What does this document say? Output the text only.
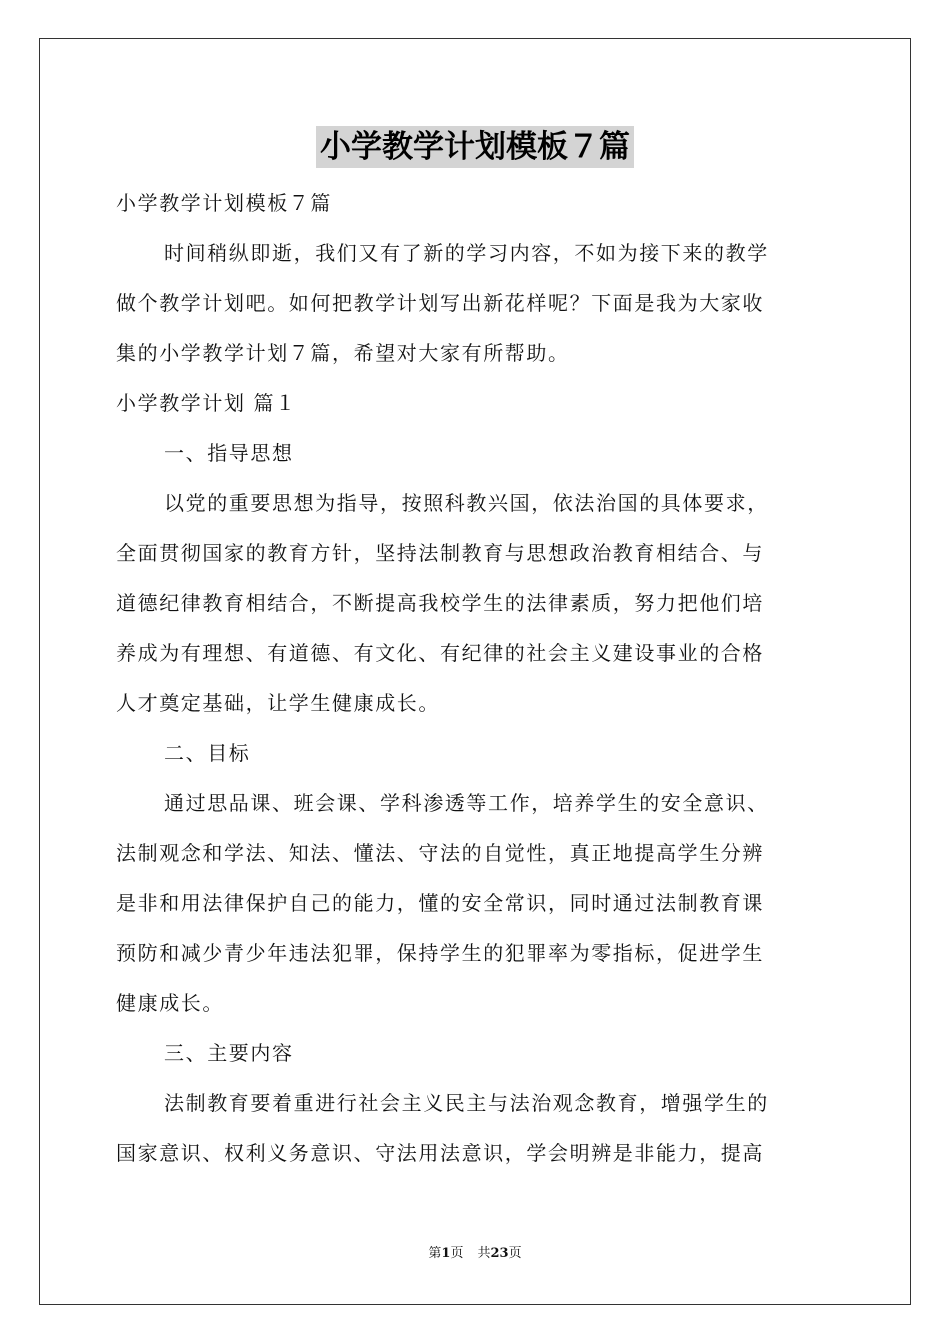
小学教学计划模板７篇
小学教学计划模板７篇
时间稍纵即逝，我们又有了新的学习内容，不如为接下来的教学
做个教学计划吧。如何把教学计划写出新花样呢？下面是我为大家收
集的小学教学计划７篇，希望对大家有所帮助。
小学教学计划 篇１
一、指导思想
以党的重要思想为指导，按照科教兴国，依法治国的具体要求，
全面贯彻国家的教育方针，坚持法制教育与思想政治教育相结合、与
道德纪律教育相结合，不断提高我校学生的法律素质，努力把他们培
养成为有理想、有道德、有文化、有纪律的社会主义建设事业的合格
人才奠定基础，让学生健康成长。
二、目标
通过思品课、班会课、学科渗透等工作，培养学生的安全意识、
法制观念和学法、知法、懂法、守法的自觉性，真正地提高学生分辨
是非和用法律保护自己的能力，懂的安全常识，同时通过法制教育课
预防和减少青少年违法犯罪，保持学生的犯罪率为零指标，促进学生
健康成长。
三、主要内容
法制教育要着重进行社会主义民主与法治观念教育，增强学生的
国家意识、权利义务意识、守法用法意识，学会明辨是非能力，提高
第1页 共23页
